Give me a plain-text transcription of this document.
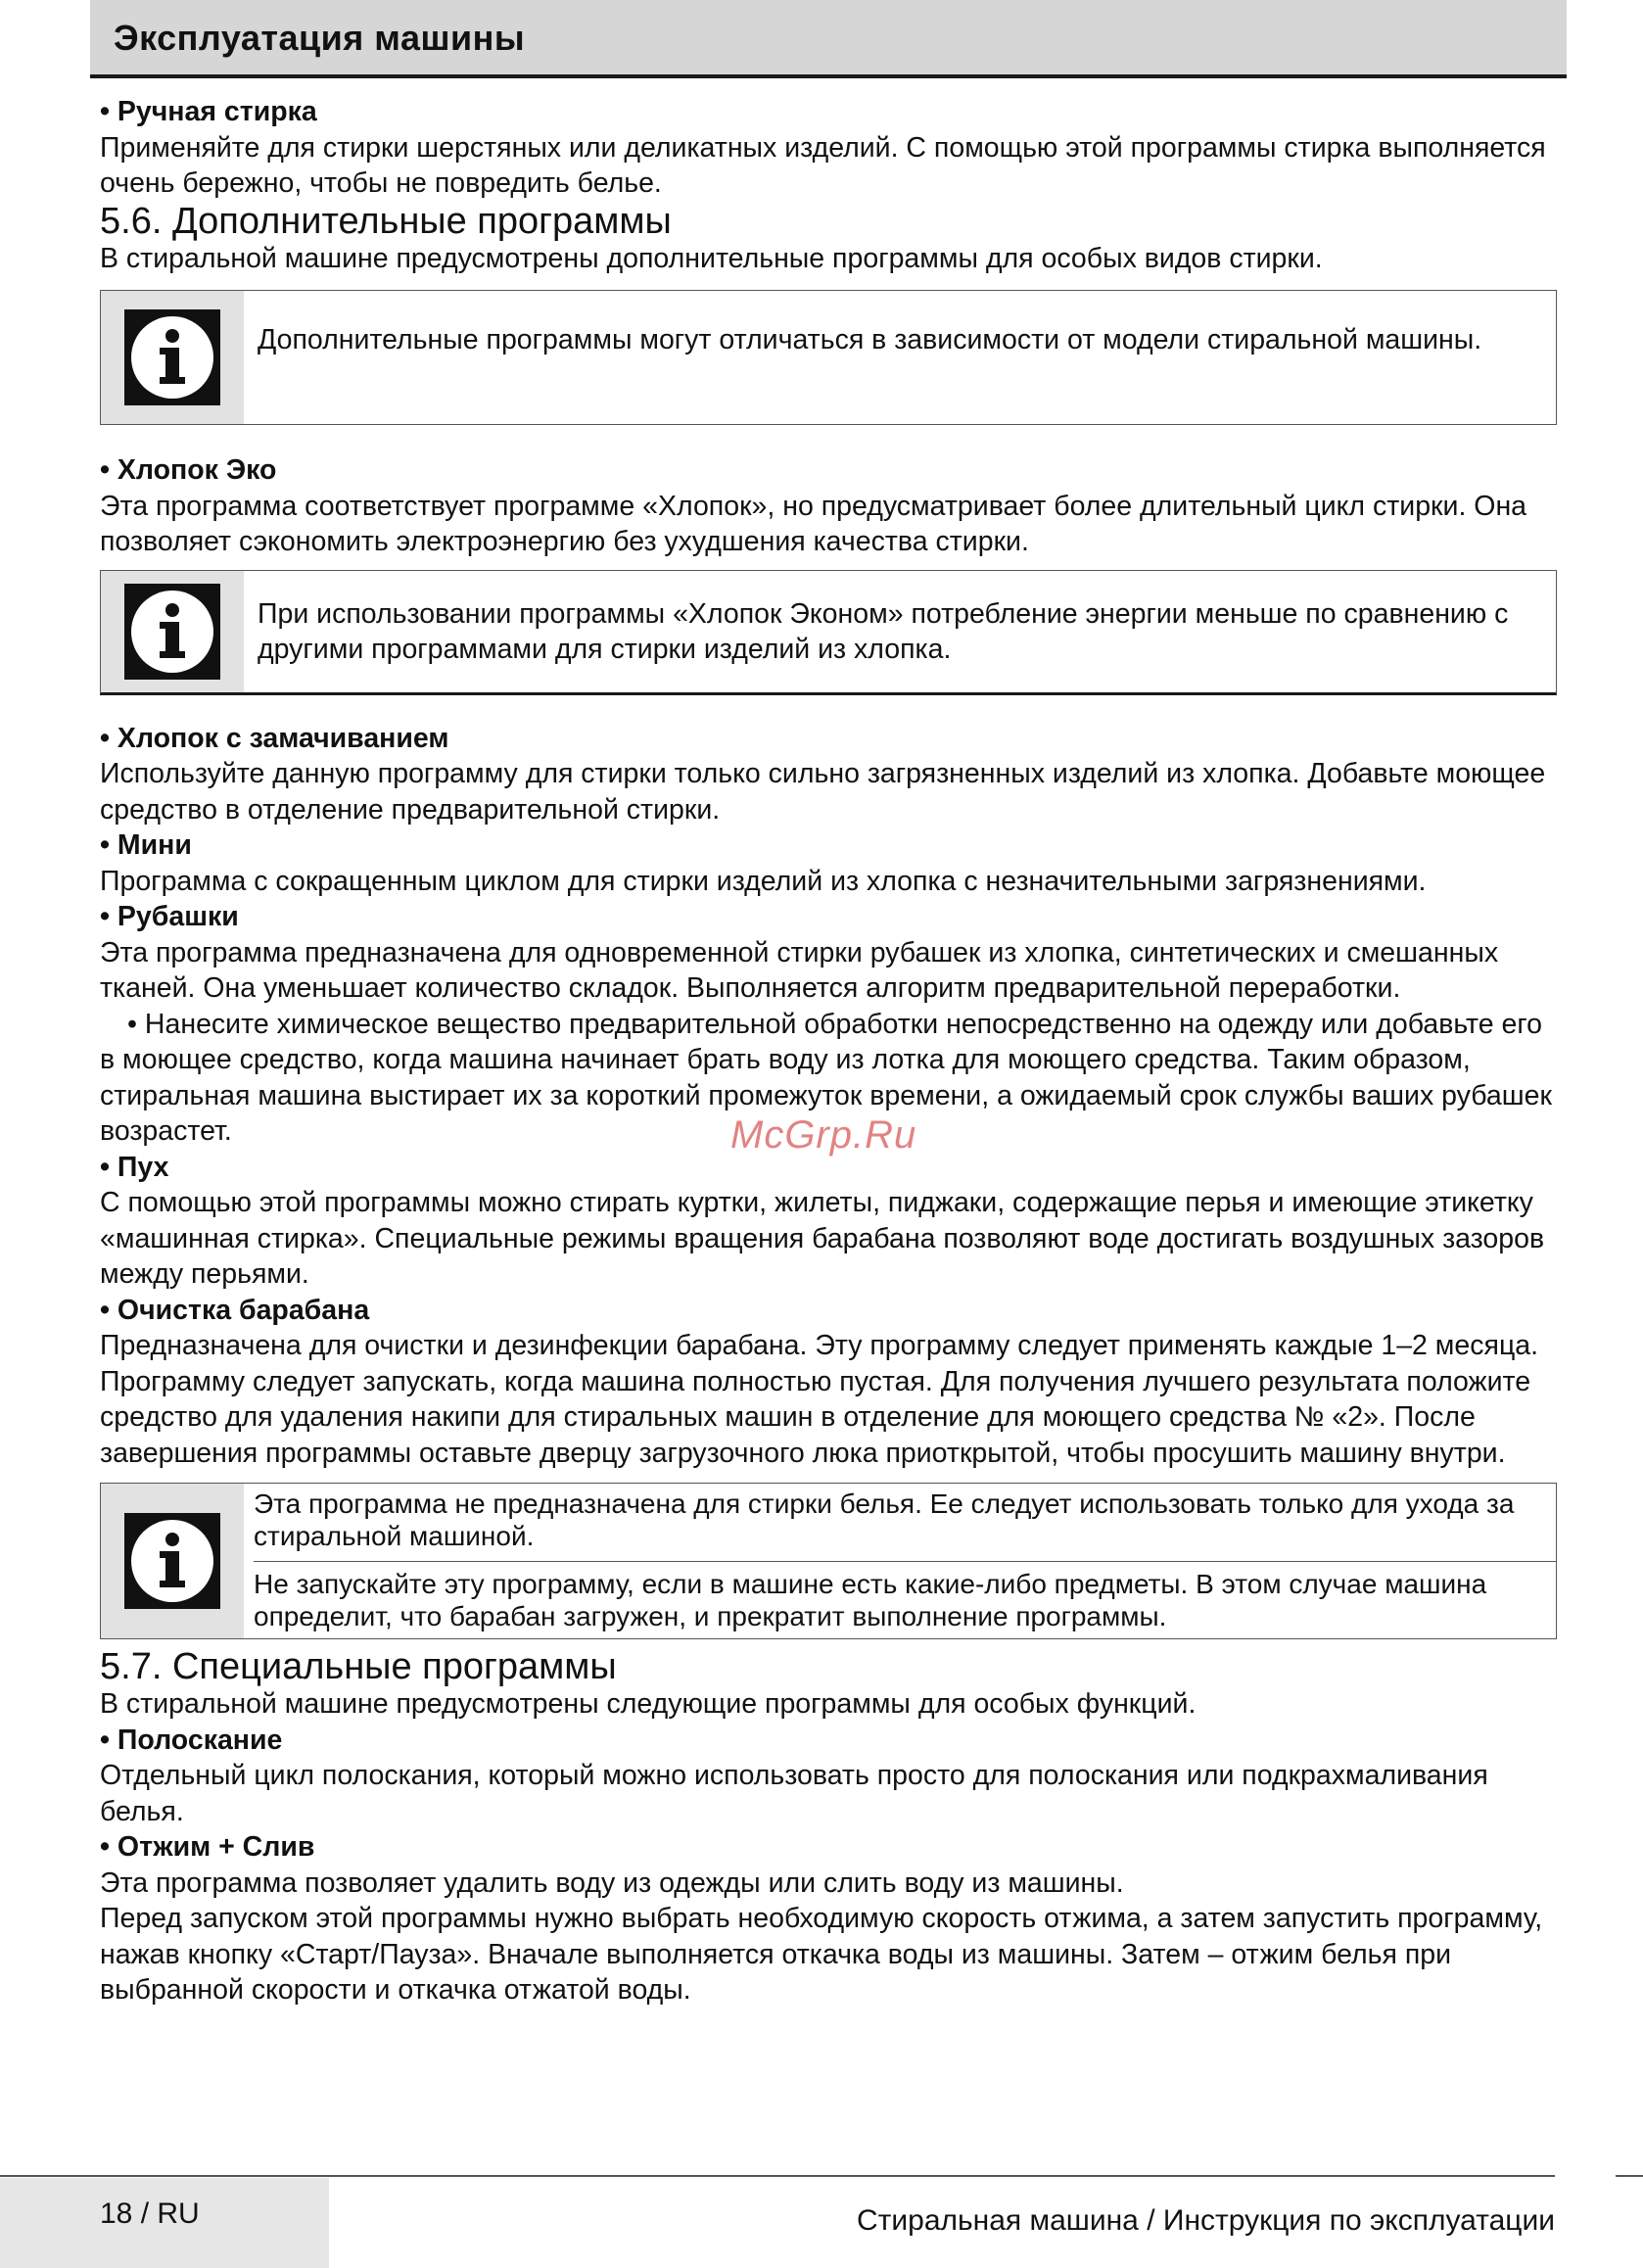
Эксплуатация машины

• Ручная стирка

Применяйте для стирки шерстяных или деликатных изделий. С помощью этой программы стирка выполняется очень бережно, чтобы не повредить белье.

5.6. Дополнительные программы

В стиральной машине предусмотрены дополнительные программы для особых видов стирки.

Дополнительные программы могут отличаться в зависимости от модели стиральной машины.

• Хлопок Эко

Эта программа соответствует программе «Хлопок», но предусматривает более длительный цикл стирки. Она позволяет сэкономить электроэнергию без ухудшения качества стирки.

При использовании программы «Хлопок Эконом» потребление энергии меньше по сравнению с другими программами для стирки изделий из хлопка.

• Хлопок с замачиванием

Используйте данную программу для стирки только сильно загрязненных изделий из хлопка. Добавьте моющее средство в отделение предварительной стирки.

• Мини

Программа с сокращенным циклом для стирки изделий из хлопка с незначительными загрязнениями.

• Рубашки

Эта программа предназначена для одновременной стирки рубашек из хлопка, синтетических и смешанных тканей. Она уменьшает количество складок. Выполняется алгоритм предварительной переработки.

• Нанесите химическое вещество предварительной обработки непосредственно на одежду или добавьте его в моющее средство, когда машина начинает брать воду из лотка для моющего средства. Таким образом, стиральная машина выстирает их за короткий промежуток времени, а ожидаемый срок службы ваших рубашек возрастет.

• Пух

С помощью этой программы можно стирать куртки, жилеты, пиджаки, содержащие перья и имеющие этикетку «машинная стирка». Специальные режимы вращения барабана позволяют воде достигать воздушных зазоров между перьями.

• Очистка барабана

Предназначена для очистки и дезинфекции барабана. Эту программу следует применять каждые 1–2 месяца. Программу следует запускать, когда машина полностью пустая. Для получения лучшего результата положите средство для удаления накипи для стиральных машин в отделение для моющего средства № «2». После завершения программы оставьте дверцу загрузочного люка приоткрытой, чтобы просушить машину внутри.

Эта программа не предназначена для стирки белья. Ее следует использовать только для ухода за стиральной машиной.
Не запускайте эту программу, если в машине есть какие-либо предметы. В этом случае машина определит, что барабан загружен, и прекратит выполнение программы.

5.7. Специальные программы

В стиральной машине предусмотрены следующие программы для особых функций.

• Полоскание

Отдельный цикл полоскания, который можно использовать просто для полоскания или подкрахмаливания белья.

• Отжим + Слив

Эта программа позволяет удалить воду из одежды или слить воду из машины.

Перед запуском этой программы нужно выбрать необходимую скорость отжима, а затем запустить программу, нажав кнопку «Старт/Пауза». Вначале выполняется откачка воды из машины. Затем – отжим белья при выбранной скорости и откачка отжатой воды.

McGrp.Ru
18 / RU	Стиральная машина / Инструкция по эксплуатации
